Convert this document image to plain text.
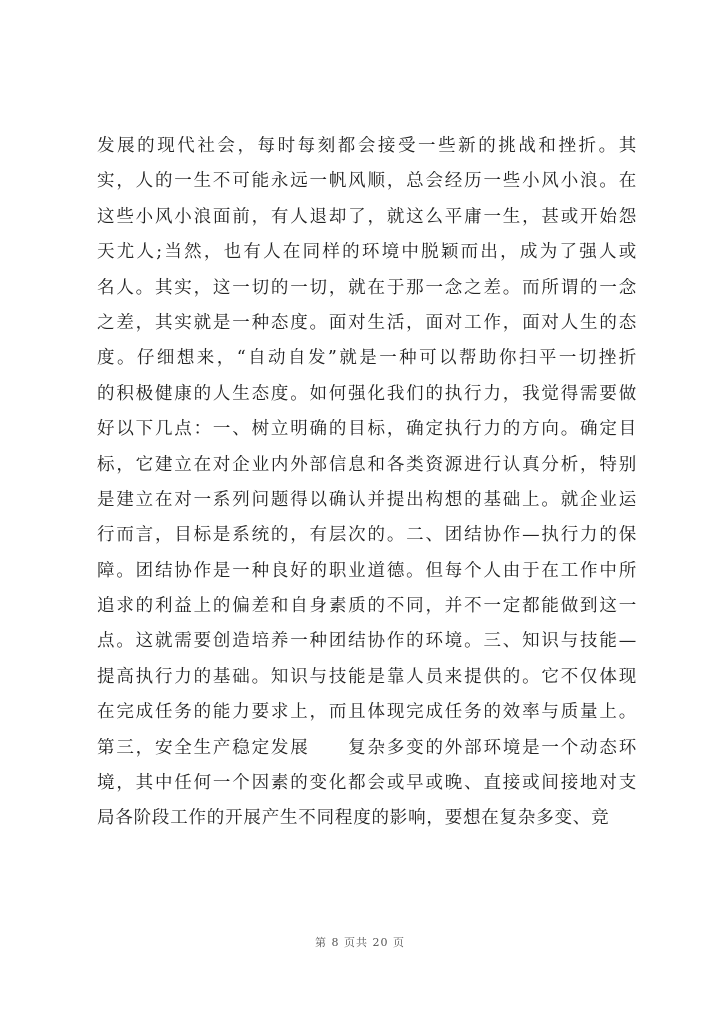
发展的现代社会，每时每刻都会接受一些新的挑战和挫折。其
实，人的一生不可能永远一帆风顺，总会经历一些小风小浪。在
这些小风小浪面前，有人退却了，就这么平庸一生，甚或开始怨
天尤人;当然，也有人在同样的环境中脱颖而出，成为了强人或
名人。其实，这一切的一切，就在于那一念之差。而所谓的一念
之差，其实就是一种态度。面对生活，面对工作，面对人生的态
度。仔细想来，“自动自发”就是一种可以帮助你扫平一切挫折
的积极健康的人生态度。如何强化我们的执行力，我觉得需要做
好以下几点：一、树立明确的目标，确定执行力的方向。确定目
标，它建立在对企业内外部信息和各类资源进行认真分析，特别
是建立在对一系列问题得以确认并提出构想的基础上。就企业运
行而言，目标是系统的，有层次的。二、团结协作—执行力的保
障。团结协作是一种良好的职业道德。但每个人由于在工作中所
追求的利益上的偏差和自身素质的不同，并不一定都能做到这一
点。这就需要创造培养一种团结协作的环境。三、知识与技能—
提高执行力的基础。知识与技能是靠人员来提供的。它不仅体现
在完成任务的能力要求上，而且体现完成任务的效率与质量上。
第三，安全生产稳定发展　　复杂多变的外部环境是一个动态环
境，其中任何一个因素的变化都会或早或晚、直接或间接地对支
局各阶段工作的开展产生不同程度的影响，要想在复杂多变、竞
第 8 页共 20 页
